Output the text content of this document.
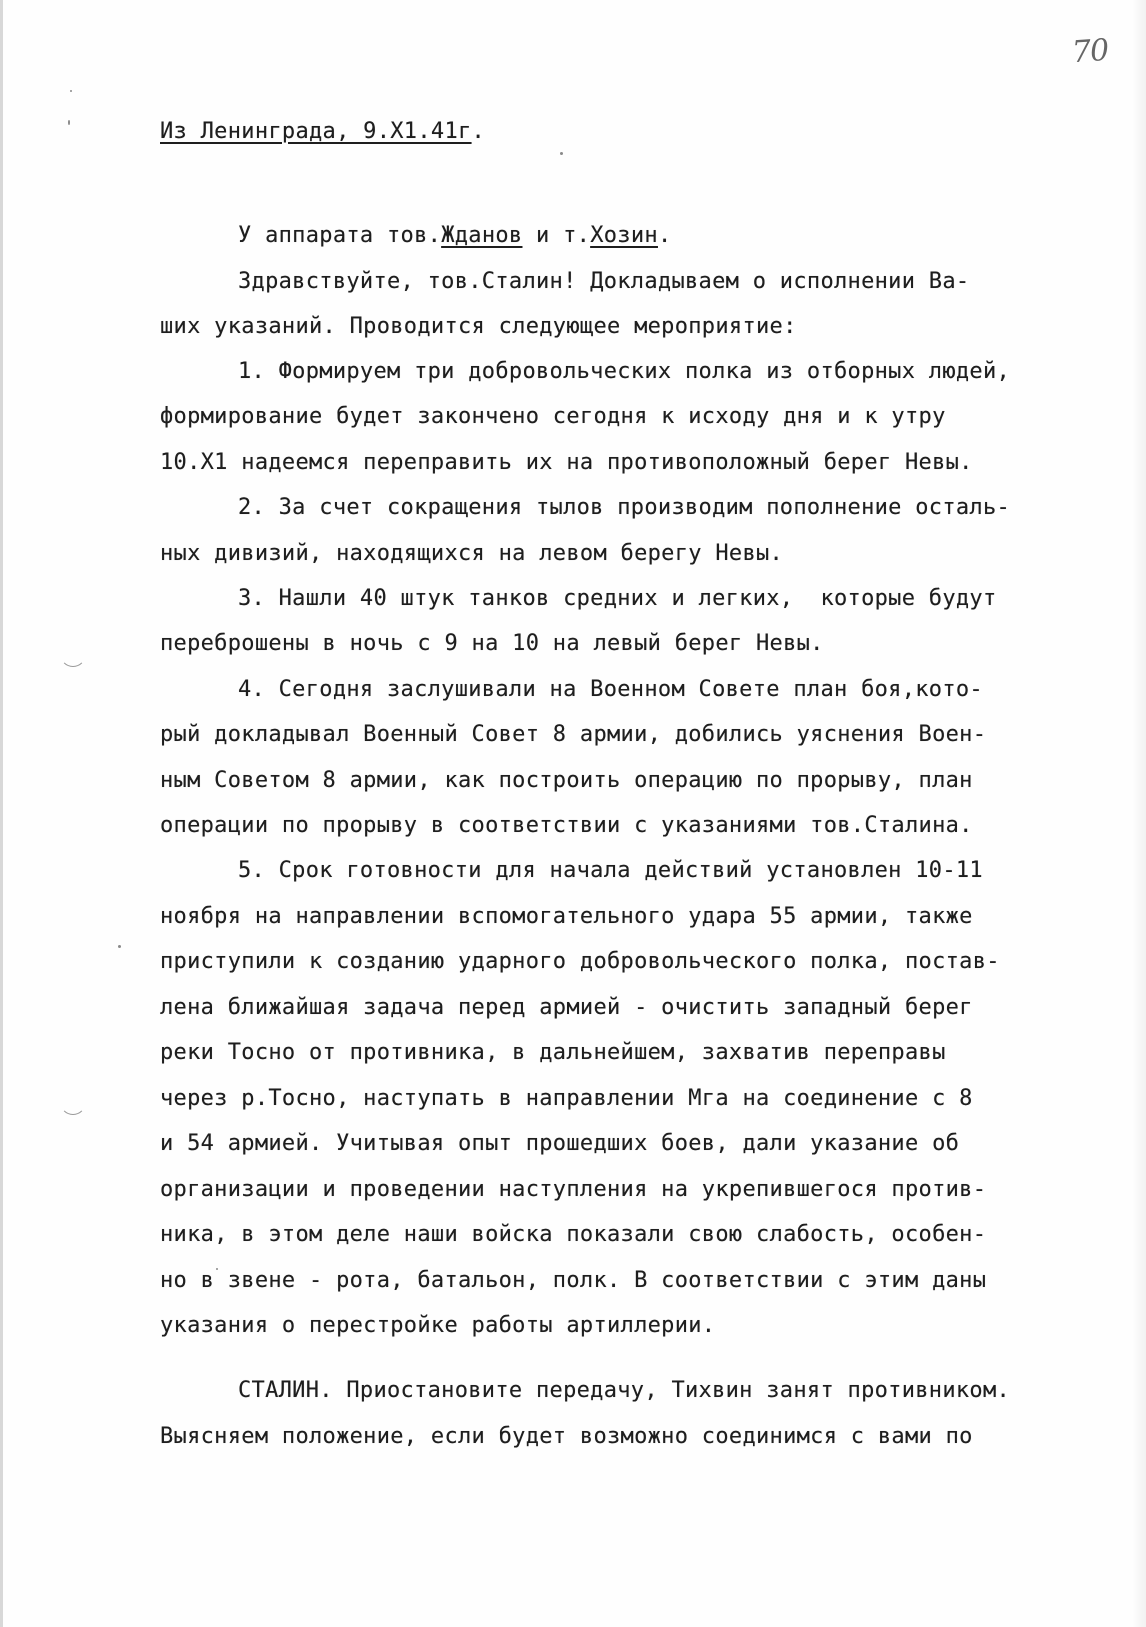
70

Из Ленинграда, 9.Х1.41г.

У аппарата тов.Жданов и т.Хозин.

Здравствуйте, тов.Сталин! Докладываем о исполнении Ва-

ших указаний. Проводится следующее мероприятие:

1. Формируем три добровольческих полка из отборных людей,

формирование будет закончено сегодня к исходу дня и к утру

10.Х1 надеемся переправить их на противоположный берег Невы.

2. За счет сокращения тылов производим пополнение осталь-

ных дивизий, находящихся на левом берегу Невы.

3. Нашли 40 штук танков средних и легких,  которые будут

переброшены в ночь с 9 на 10 на левый берег Невы.

4. Сегодня заслушивали на Военном Совете план боя,кото-

рый докладывал Военный Совет 8 армии, добились уяснения Воен-

ным Советом 8 армии, как построить операцию по прорыву, план

операции по прорыву в соответствии с указаниями тов.Сталина.

5. Срок готовности для начала действий установлен 10-11

ноября на направлении вспомогательного удара 55 армии, также

приступили к созданию ударного добровольческого полка, постав-

лена ближайшая задача перед армией - очистить западный берег

реки Тосно от противника, в дальнейшем, захватив переправы

через р.Тосно, наступать в направлении Мга на соединение с 8

и 54 армией. Учитывая опыт прошедших боев, дали указание об

организации и проведении наступления на укрепившегося против-

ника, в этом деле наши войска показали свою слабость, особен-

но в звене - рота, батальон, полк. В соответствии с этим даны

указания о перестройке работы артиллерии.

СТАЛИН. Приостановите передачу, Тихвин занят противником.

Выясняем положение, если будет возможно соединимся с вами по
